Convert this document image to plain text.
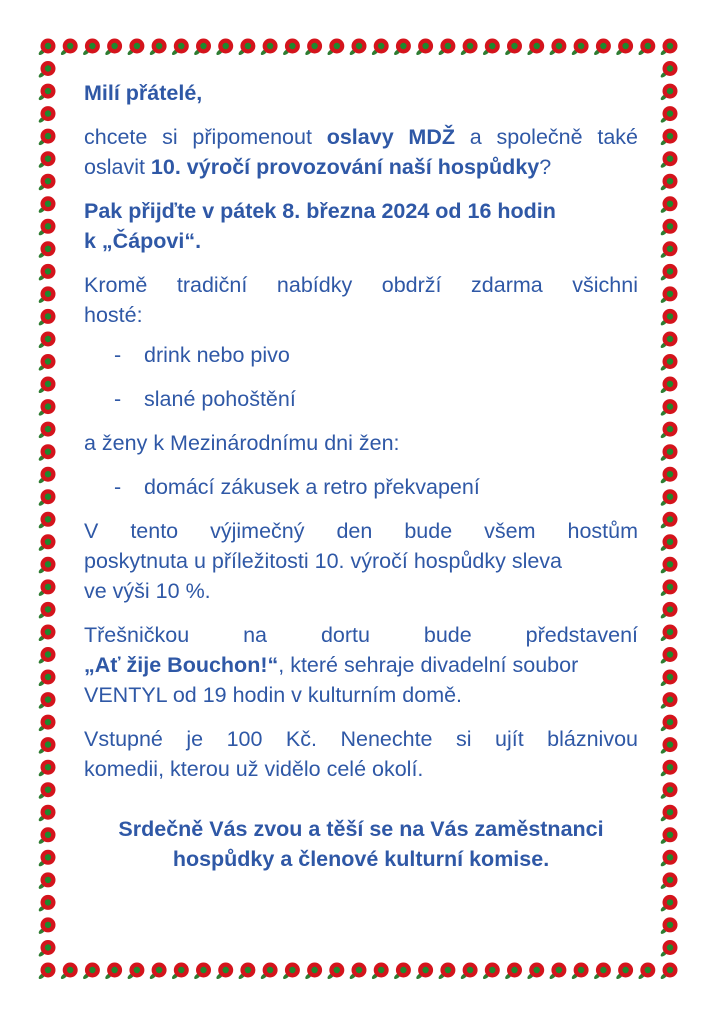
Milí přátelé,

chcete si připomenout oslavy MDŽ a společně také oslavit 10. výročí provozování naší hospůdky?

Pak přijďte v pátek 8. března 2024 od 16 hodin
k „Čápovi“.

Kromě tradiční nabídky obdrží zdarma všichni
hosté:

- drink nebo pivo
- slané pohoštění

a ženy k Mezinárodnímu dni žen:

- domácí zákusek a retro překvapení

V tento výjimečný den bude všem hostům
poskytnuta u příležitosti 10. výročí hospůdky sleva
ve výši 10 %.

Třešničkou na dortu bude představení
„Ať žije Bouchon!“, které sehraje divadelní soubor
VENTYL od 19 hodin v kulturním domě.

Vstupné je 100 Kč. Nenechte si ujít bláznivou
komedii, kterou už vidělo celé okolí.

Srdečně Vás zvou a těší se na Vás zaměstnanci
hospůdky a členové kulturní komise.
